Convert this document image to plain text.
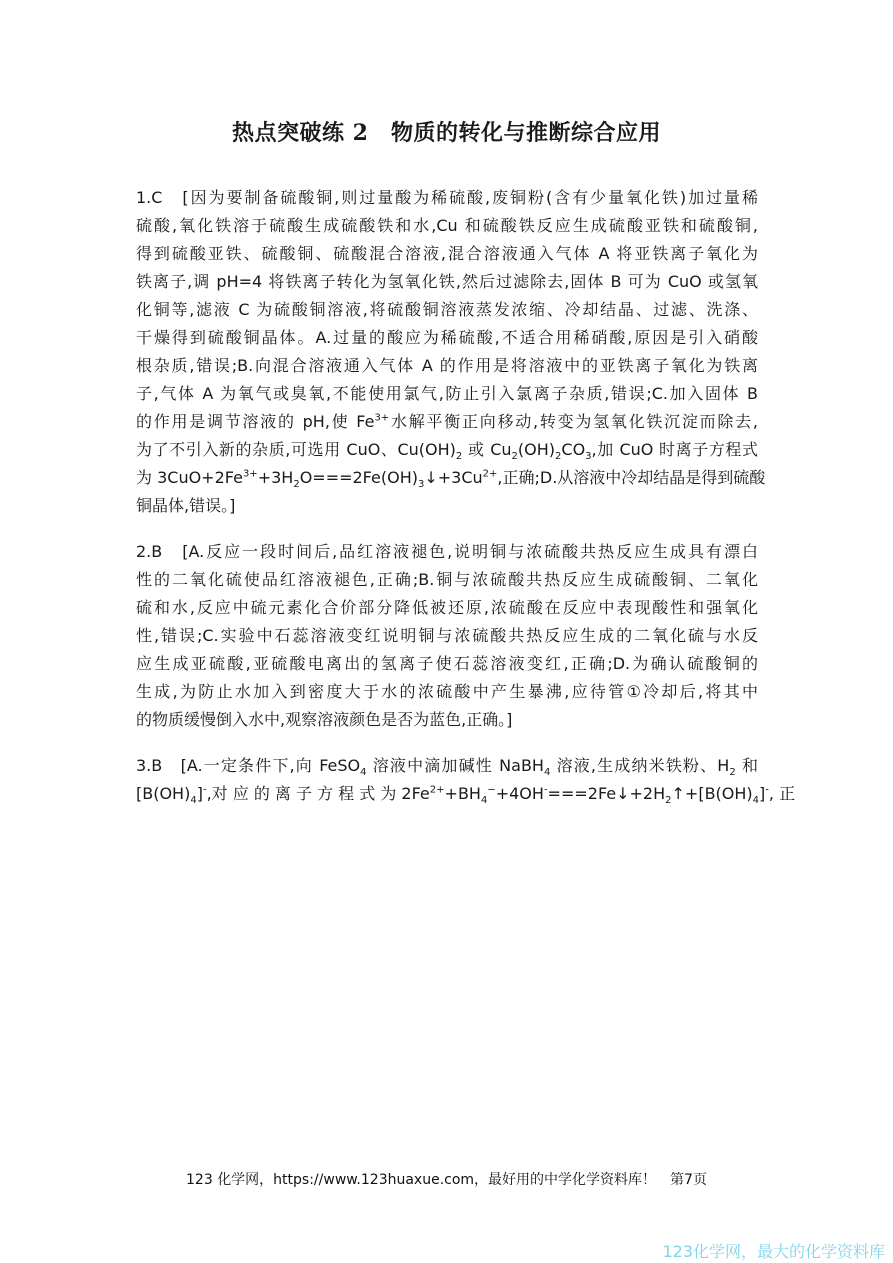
热点突破练 2　物质的转化与推断综合应用
1.C　[因为要制备硫酸铜,则过量酸为稀硫酸,废铜粉(含有少量氧化铁)加过量稀
硫酸,氧化铁溶于硫酸生成硫酸铁和水,Cu 和硫酸铁反应生成硫酸亚铁和硫酸铜,
得到硫酸亚铁、硫酸铜、硫酸混合溶液,混合溶液通入气体 A 将亚铁离子氧化为
铁离子,调 pH=4 将铁离子转化为氢氧化铁,然后过滤除去,固体 B 可为 CuO 或氢氧
化铜等,滤液 C 为硫酸铜溶液,将硫酸铜溶液蒸发浓缩、冷却结晶、过滤、洗涤、
干燥得到硫酸铜晶体。A.过量的酸应为稀硫酸,不适合用稀硝酸,原因是引入硝酸
根杂质,错误;B.向混合溶液通入气体 A 的作用是将溶液中的亚铁离子氧化为铁离
子,气体 A 为氧气或臭氧,不能使用氯气,防止引入氯离子杂质,错误;C.加入固体 B
的作用是调节溶液的 pH,使 $Fe^{3+}$水解平衡正向移动,转变为氢氧化铁沉淀而除去,
为了不引入新的杂质,可选用 CuO、$Cu(OH)_2$ 或 $Cu_2(OH)_2CO_3$,加 CuO 时离子方程式
为 $3CuO+2Fe^{3+}+3H_2O===2Fe(OH)_3↓+3Cu^{2+}$,正确;D.从溶液中冷却结晶是得到硫酸
铜晶体,错误。]
2.B　[A.反应一段时间后,品红溶液褪色,说明铜与浓硫酸共热反应生成具有漂白
性的二氧化硫使品红溶液褪色,正确;B.铜与浓硫酸共热反应生成硫酸铜、二氧化
硫和水,反应中硫元素化合价部分降低被还原,浓硫酸在反应中表现酸性和强氧化
性,错误;C.实验中石蕊溶液变红说明铜与浓硫酸共热反应生成的二氧化硫与水反
应生成亚硫酸,亚硫酸电离出的氢离子使石蕊溶液变红,正确;D.为确认硫酸铜的
生成,为防止水加入到密度大于水的浓硫酸中产生暴沸,应待管①冷却后,将其中
的物质缓慢倒入水中,观察溶液颜色是否为蓝色,正确。]
3.B　[A.一定条件下,向 FeSO$_4$ 溶液中滴加碱性 NaBH$_4$ 溶液,生成纳米铁粉、$H_2$ 和
$[B(OH)_4]^-$,对 应 的 离 子 方 程 式 为 $2Fe^{2+}+BH_4^-+4OH^-===2Fe↓+2H_2↑+[B(OH)_4]^-$, 正
123 化学网，https://www.123huaxue.com，最好用的中学化学资料库！　第7页
123化学网，最大的化学资料库
